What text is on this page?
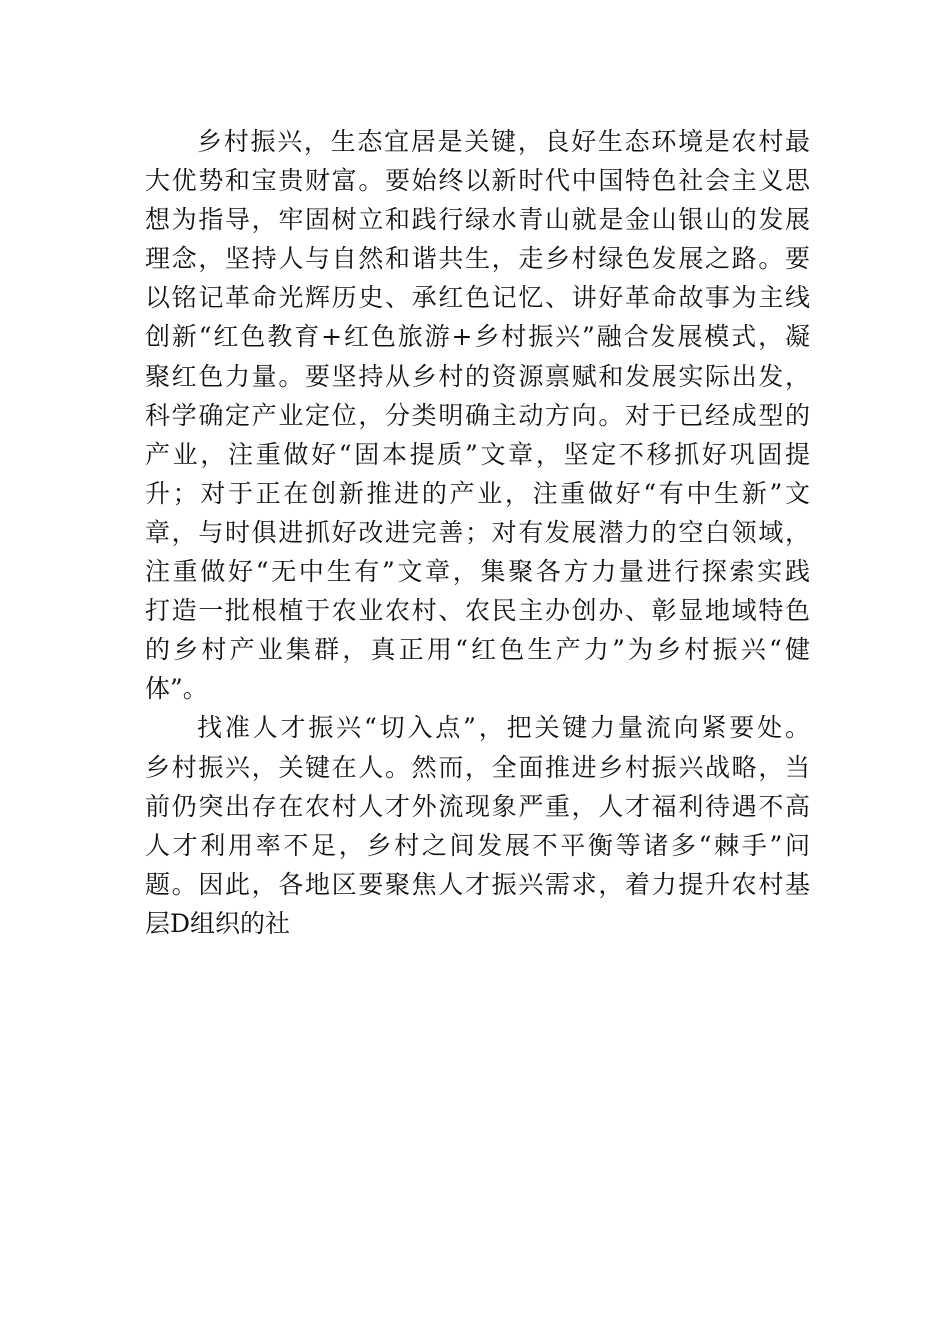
乡村振兴，生态宜居是关键，良好生态环境是农村最
大优势和宝贵财富。要始终以新时代中国特色社会主义思
想为指导，牢固树立和践行绿水青山就是金山银山的发展
理念，坚持人与自然和谐共生，走乡村绿色发展之路。要
以铭记革命光辉历史、承红色记忆、讲好革命故事为主线
创新“红色教育+红色旅游+乡村振兴”融合发展模式，凝
聚红色力量。要坚持从乡村的资源禀赋和发展实际出发，
科学确定产业定位，分类明确主动方向。对于已经成型的
产业，注重做好“固本提质”文章，坚定不移抓好巩固提
升；对于正在创新推进的产业，注重做好“有中生新”文
章，与时俱进抓好改进完善；对有发展潜力的空白领域，
注重做好“无中生有”文章，集聚各方力量进行探索实践
打造一批根植于农业农村、农民主办创办、彰显地域特色
的乡村产业集群，真正用“红色生产力”为乡村振兴“健
体”。
找准人才振兴“切入点”，把关键力量流向紧要处。
乡村振兴，关键在人。然而，全面推进乡村振兴战略，当
前仍突出存在农村人才外流现象严重，人才福利待遇不高
人才利用率不足，乡村之间发展不平衡等诸多“棘手”问
题。因此，各地区要聚焦人才振兴需求，着力提升农村基
层D组织的社
